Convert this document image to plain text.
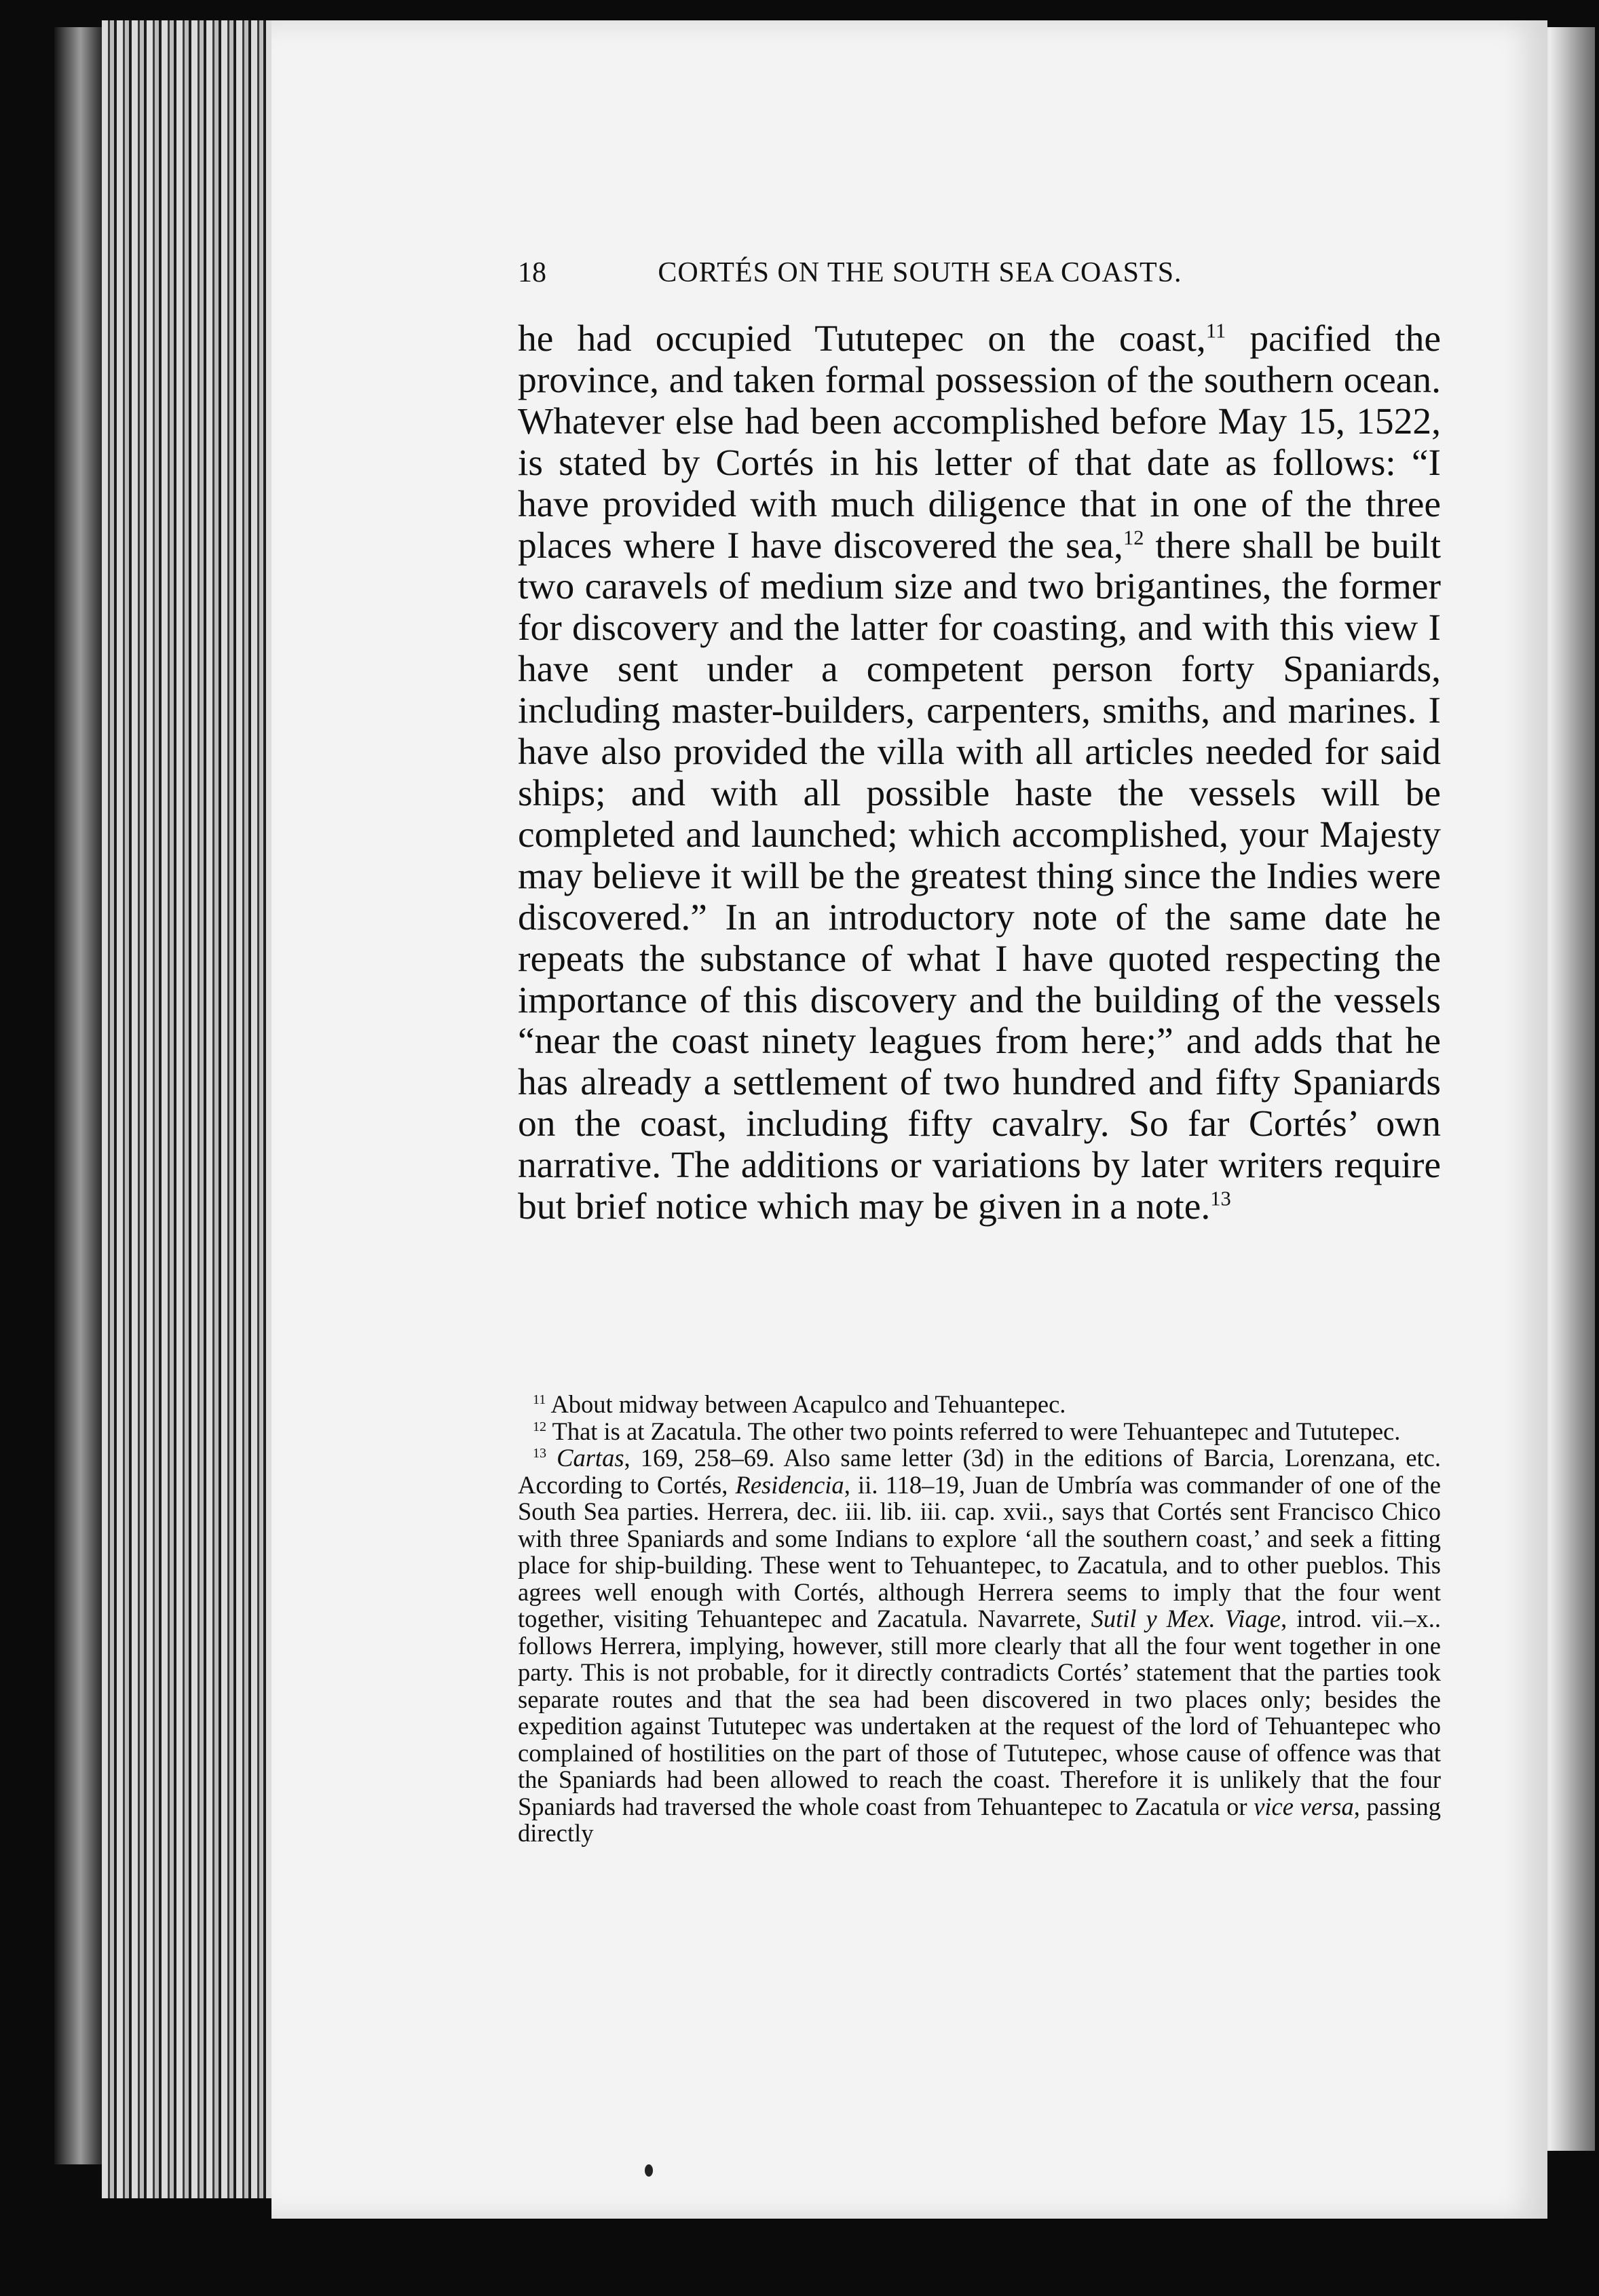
18	CORTÉS ON THE SOUTH SEA COASTS.

he had occupied Tututepec on the coast,$^{11}$ pacified the province, and taken formal possession of the southern ocean. Whatever else had been accomplished before May 15, 1522, is stated by Cortés in his letter of that date as follows: “I have provided with much diligence that in one of the three places where I have discovered the sea,$^{12}$ there shall be built two caravels of medium size and two brigantines, the former for discovery and the latter for coasting, and with this view I have sent under a competent person forty Spaniards, including master-builders, carpenters, smiths, and marines. I have also provided the villa with all articles needed for said ships; and with all possible haste the vessels will be completed and launched; which accomplished, your Majesty may believe it will be the greatest thing since the Indies were discovered.” In an introductory note of the same date he repeats the substance of what I have quoted respecting the importance of this discovery and the building of the vessels “near the coast ninety leagues from here;” and adds that he has already a settlement of two hundred and fifty Spaniards on the coast, including fifty cavalry. So far Cortés’ own narrative. The additions or variations by later writers require but brief notice which may be given in a note.$^{13}$

$^{11}$ About midway between Acapulco and Tehuantepec.

$^{12}$ That is at Zacatula. The other two points referred to were Tehuantepec and Tututepec.

$^{13}$ Cartas, 169, 258–69. Also same letter (3d) in the editions of Barcia, Lorenzana, etc. According to Cortés, Residencia, ii. 118–19, Juan de Umbría was commander of one of the South Sea parties. Herrera, dec. iii. lib. iii. cap. xvii., says that Cortés sent Francisco Chico with three Spaniards and some Indians to explore ‘all the southern coast,’ and seek a fitting place for ship-building. These went to Tehuantepec, to Zacatula, and to other pueblos. This agrees well enough with Cortés, although Herrera seems to imply that the four went together, visiting Tehuantepec and Zacatula. Navarrete, Sutil y Mex. Viage, introd. vii.–x.. follows Herrera, implying, however, still more clearly that all the four went together in one party. This is not probable, for it directly contradicts Cortés’ statement that the parties took separate routes and that the sea had been discovered in two places only; besides the expedition against Tututepec was undertaken at the request of the lord of Tehuantepec who complained of hostilities on the part of those of Tututepec, whose cause of offence was that the Spaniards had been allowed to reach the coast. Therefore it is unlikely that the four Spaniards had traversed the whole coast from Tehuantepec to Zacatula or vice versa, passing directly
